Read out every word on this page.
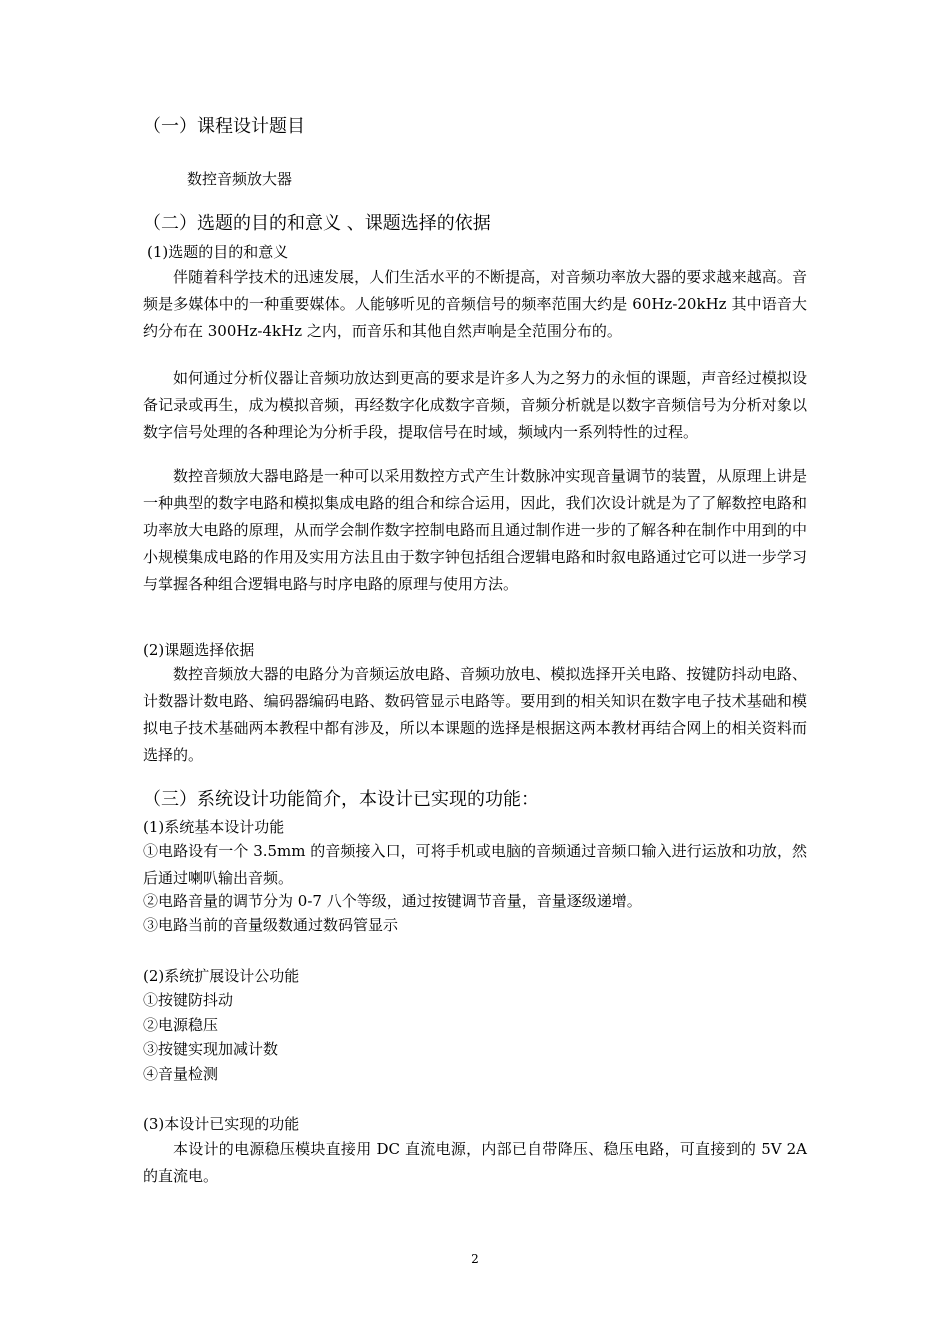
（一）课程设计题目
数控音频放大器
（二）选题的目的和意义 、课题选择的依据
(1)选题的目的和意义

伴随着科学技术的迅速发展，人们生活水平的不断提高，对音频功率放大器的要求越来越高。音频是多媒体中的一种重要媒体。人能够听见的音频信号的频率范围大约是 60Hz-20kHz 其中语音大约分布在 300Hz-4kHz 之内，而音乐和其他自然声响是全范围分布的。

如何通过分析仪器让音频功放达到更高的要求是许多人为之努力的永恒的课题，声音经过模拟设备记录或再生，成为模拟音频，再经数字化成数字音频，音频分析就是以数字音频信号为分析对象以数字信号处理的各种理论为分析手段，提取信号在时域，频域内一系列特性的过程。

数控音频放大器电路是一种可以采用数控方式产生计数脉冲实现音量调节的装置，从原理上讲是一种典型的数字电路和模拟集成电路的组合和综合运用，因此，我们次设计就是为了了解数控电路和功率放大电路的原理，从而学会制作数字控制电路而且通过制作进一步的了解各种在制作中用到的中小规模集成电路的作用及实用方法且由于数字钟包括组合逻辑电路和时叙电路通过它可以进一步学习与掌握各种组合逻辑电路与时序电路的原理与使用方法。

(2)课题选择依据

数控音频放大器的电路分为音频运放电路、音频功放电、模拟选择开关电路、按键防抖动电路、计数器计数电路、编码器编码电路、数码管显示电路等。要用到的相关知识在数字电子技术基础和模拟电子技术基础两本教程中都有涉及，所以本课题的选择是根据这两本教材再结合网上的相关资料而选择的。

（三）系统设计功能简介，本设计已实现的功能：
(1)系统基本设计功能

①电路设有一个 3.5mm 的音频接入口，可将手机或电脑的音频通过音频口输入进行运放和功放，然后通过喇叭输出音频。

②电路音量的调节分为 0-7 八个等级，通过按键调节音量，音量逐级递增。
③电路当前的音量级数通过数码管显示
(2)系统扩展设计公功能
①按键防抖动
②电源稳压
③按键实现加减计数
④音量检测
(3)本设计已实现的功能

本设计的电源稳压模块直接用 DC 直流电源，内部已自带降压、稳压电路，可直接到的 5V 2A 的直流电。

2
